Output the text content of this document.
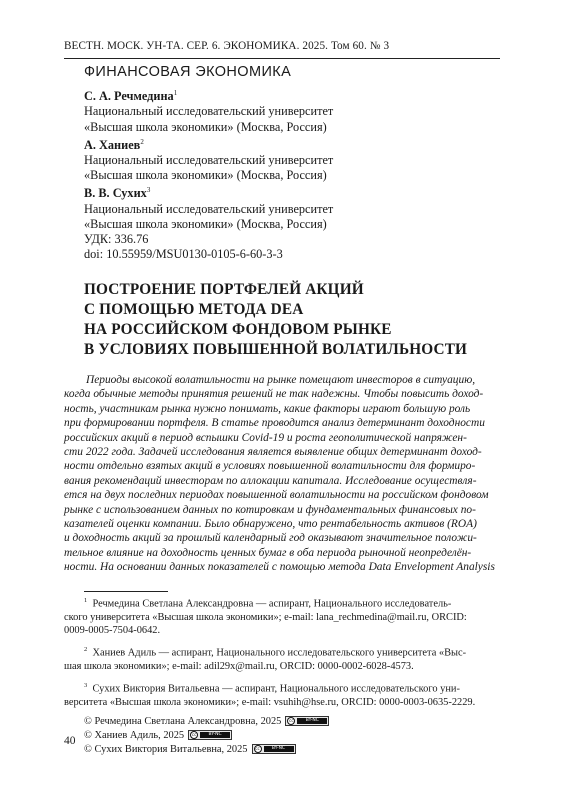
ВЕСТН. МОСК. УН-ТА. СЕР. 6. ЭКОНОМИКА. 2025. Том 60. № 3
ФИНАНСОВАЯ ЭКОНОМИКА
С. А. Речмедина$^1$
Национальный исследовательский университет
«Высшая школа экономики» (Москва, Россия)
А. Ханиев$^2$
Национальный исследовательский университет
«Высшая школа экономики» (Москва, Россия)
В. В. Сухих$^3$
Национальный исследовательский университет
«Высшая школа экономики» (Москва, Россия)
УДК: 336.76
doi: 10.55959/MSU0130-0105-6-60-3-3
ПОСТРОЕНИЕ ПОРТФЕЛЕЙ АКЦИЙ
С ПОМОЩЬЮ МЕТОДА DEA
НА РОССИЙСКОМ ФОНДОВОМ РЫНКЕ
В УСЛОВИЯХ ПОВЫШЕННОЙ ВОЛАТИЛЬНОСТИ
Периоды высокой волатильности на рынке помещают инвесторов в ситуацию,
когда обычные методы принятия решений не так надежны. Чтобы повысить доход-
ность, участникам рынка нужно понимать, какие факторы играют большую роль
при формировании портфеля. В статье проводится анализ детерминант доходности
российских акций в период вспышки Covid-19 и роста геополитической напряжен-
сти 2022 года. Задачей исследования является выявление общих детерминант доход-
ности отдельно взятых акций в условиях повышенной волатильности для формиро-
вания рекомендаций инвесторам по аллокации капитала. Исследование осуществля-
ется на двух последних периодах повышенной волатильности на российском фондовом
рынке с использованием данных по котировкам и фундаментальных финансовых по-
казателей оценки компании. Было обнаружено, что рентабельность активов (ROA)
и доходность акций за прошлый календарный год оказывают значительное положи-
тельное влияние на доходность ценных бумаг в оба периода рыночной неопределён-
ности. На основании данных показателей с помощью метода Data Envelopment Analysis
$^1$ Речмедина Светлана Александровна — аспирант, Национального исследователь-
ского университета «Высшая школа экономики»; e-mail: lana_rechmedina@mail.ru, ORCID:
0009-0005-7504-0642.
$^2$ Ханиев Адиль — аспирант, Национального исследовательского университета «Выс-
шая школа экономики»; e-mail: adil29x@mail.ru, ORCID: 0000-0002-6028-4573.
$^3$ Сухих Виктория Витальевна — аспирант, Национального исследовательского уни-
верситета «Высшая школа экономики»; e-mail: vsuhih@hse.ru, ORCID: 0000-0003-0635-2229.
© Речмедина Светлана Александровна, 2025	cc	BY-NC
© Ханиев Адиль, 2025	cc	BY-NC
© Сухих Виктория Витальевна, 2025	cc	BY-NC
40
